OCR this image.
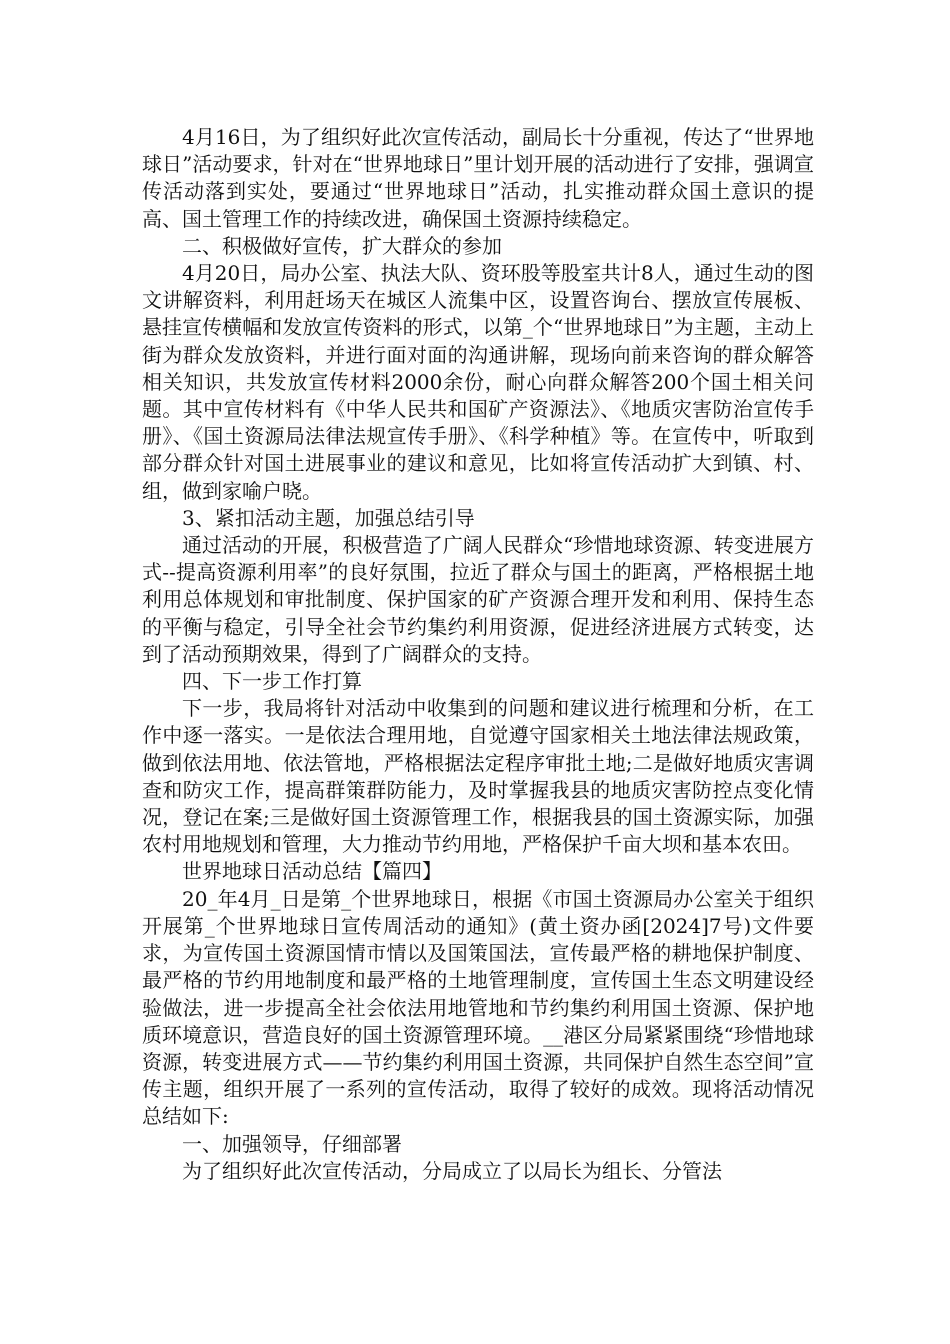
4月16日，为了组织好此次宣传活动，副局长十分重视，传达了“世界地球日”活动要求，针对在“世界地球日”里计划开展的活动进行了安排，强调宣传活动落到实处，要通过“世界地球日”活动，扎实推动群众国土意识的提高、国土管理工作的持续改进，确保国土资源持续稳定。

二、积极做好宣传，扩大群众的参加

4月20日，局办公室、执法大队、资环股等股室共计8人，通过生动的图文讲解资料，利用赶场天在城区人流集中区，设置咨询台、摆放宣传展板、悬挂宣传横幅和发放宣传资料的形式，以第_个“世界地球日”为主题，主动上街为群众发放资料，并进行面对面的沟通讲解，现场向前来咨询的群众解答相关知识，共发放宣传材料2000余份，耐心向群众解答200个国土相关问题。其中宣传材料有《中华人民共和国矿产资源法》、《地质灾害防治宣传手册》、《国土资源局法律法规宣传手册》、《科学种植》等。在宣传中，听取到部分群众针对国土进展事业的建议和意见，比如将宣传活动扩大到镇、村、组，做到家喻户晓。

3、紧扣活动主题，加强总结引导

通过活动的开展，积极营造了广阔人民群众“珍惜地球资源、转变进展方式--提高资源利用率”的良好氛围，拉近了群众与国土的距离，严格根据土地利用总体规划和审批制度、保护国家的矿产资源合理开发和利用、保持生态的平衡与稳定，引导全社会节约集约利用资源，促进经济进展方式转变，达到了活动预期效果，得到了广阔群众的支持。

四、下一步工作打算

下一步，我局将针对活动中收集到的问题和建议进行梳理和分析，在工作中逐一落实。一是依法合理用地，自觉遵守国家相关土地法律法规政策，做到依法用地、依法管地，严格根据法定程序审批土地;二是做好地质灾害调查和防灾工作，提高群策群防能力，及时掌握我县的地质灾害防控点变化情况，登记在案;三是做好国土资源管理工作，根据我县的国土资源实际，加强农村用地规划和管理，大力推动节约用地，严格保护千亩大坝和基本农田。

世界地球日活动总结【篇四】

20_年4月_日是第_个世界地球日，根据《市国土资源局办公室关于组织开展第_个世界地球日宣传周活动的通知》(黄土资办函[2024]7号)文件要求，为宣传国土资源国情市情以及国策国法，宣传最严格的耕地保护制度、最严格的节约用地制度和最严格的土地管理制度，宣传国土生态文明建设经验做法，进一步提高全社会依法用地管地和节约集约利用国土资源、保护地质环境意识，营造良好的国土资源管理环境。__港区分局紧紧围绕“珍惜地球资源，转变进展方式——节约集约利用国土资源，共同保护自然生态空间”宣传主题，组织开展了一系列的宣传活动，取得了较好的成效。现将活动情况总结如下:

一、加强领导，仔细部署

为了组织好此次宣传活动，分局成立了以局长为组长、分管法
